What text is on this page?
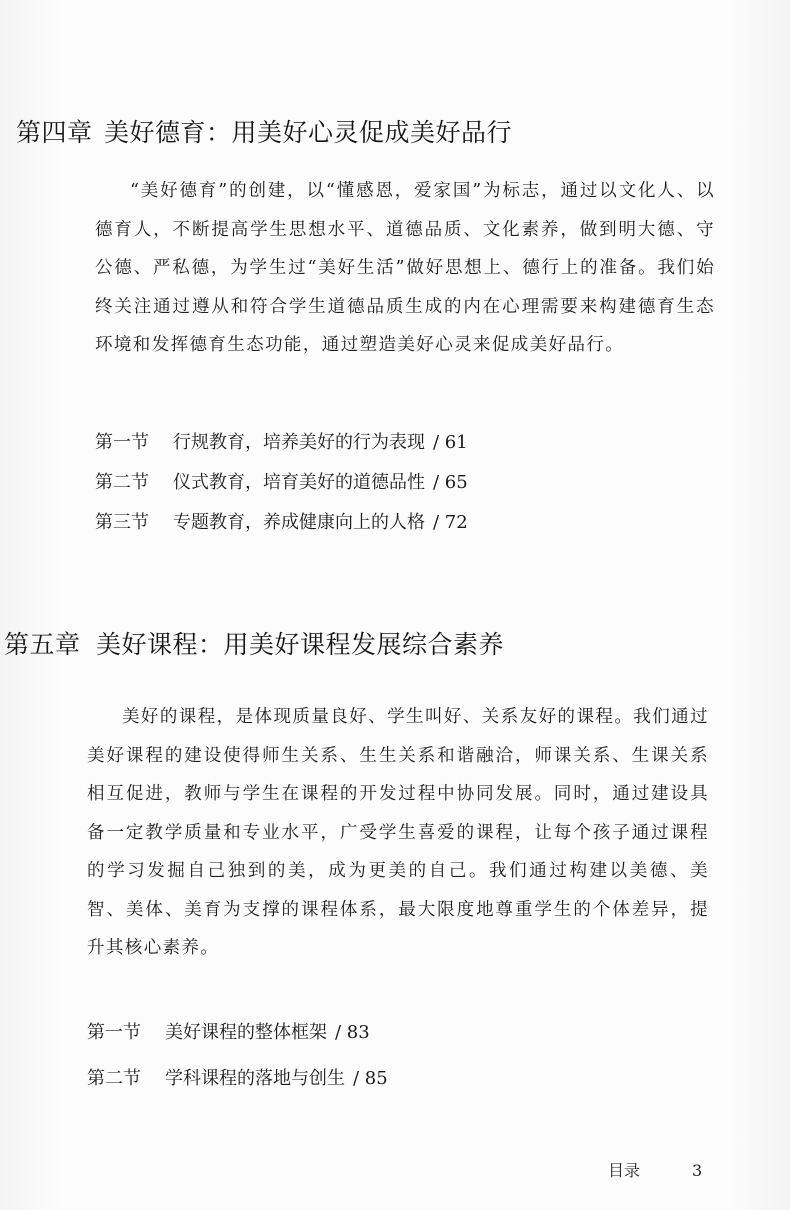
第四章 美好德育：用美好心灵促成美好品行

“美好德育”的创建，以“懂感恩，爱家国”为标志，通过以文化人、以德育人，不断提高学生思想水平、道德品质、文化素养，做到明大德、守公德、严私德，为学生过“美好生活”做好思想上、德行上的准备。我们始终关注通过遵从和符合学生道德品质生成的内在心理需要来构建德育生态环境和发挥德育生态功能，通过塑造美好心灵来促成美好品行。

第一节 行规教育，培养美好的行为表现 / 61
第二节 仪式教育，培育美好的道德品性 / 65
第三节 专题教育，养成健康向上的人格 / 72
第五章 美好课程：用美好课程发展综合素养

美好的课程，是体现质量良好、学生叫好、关系友好的课程。我们通过美好课程的建设使得师生关系、生生关系和谐融洽，师课关系、生课关系相互促进，教师与学生在课程的开发过程中协同发展。同时，通过建设具备一定教学质量和专业水平，广受学生喜爱的课程，让每个孩子通过课程的学习发掘自己独到的美，成为更美的自己。我们通过构建以美德、美智、美体、美育为支撑的课程体系，最大限度地尊重学生的个体差异，提升其核心素养。

第一节 美好课程的整体框架 / 83
第二节 学科课程的落地与创生 / 85
目录	3
